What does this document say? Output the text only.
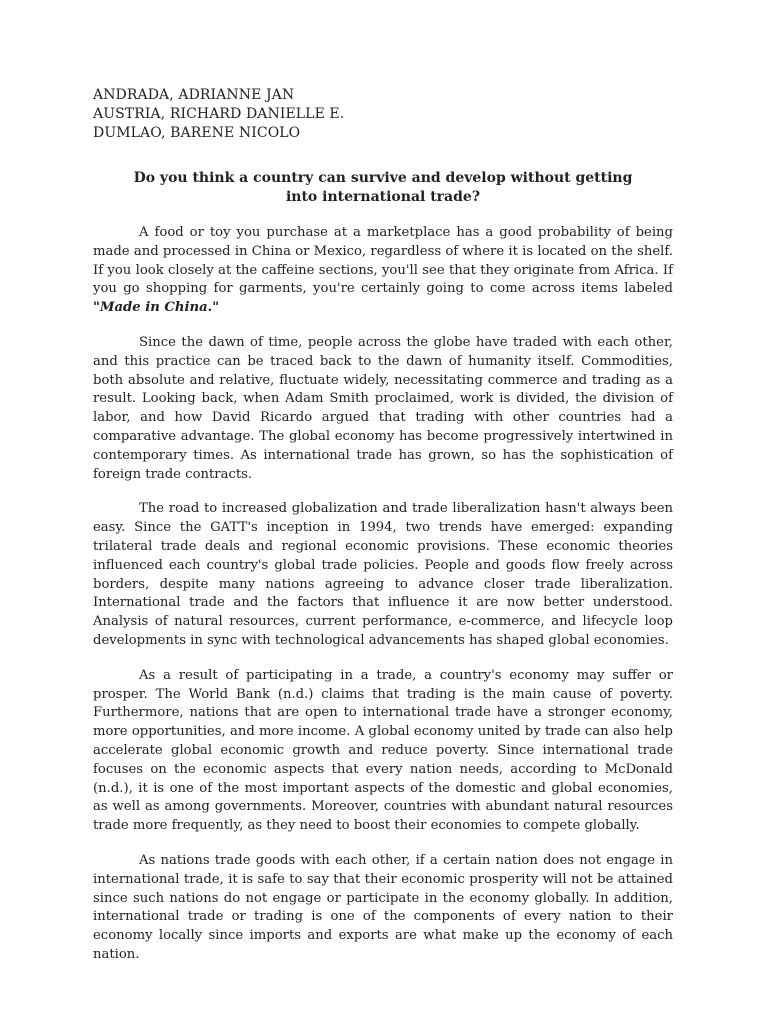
ANDRADA, ADRIANNE JAN
AUSTRIA, RICHARD DANIELLE E.
DUMLAO, BARENE NICOLO
Do you think a country can survive and develop without getting into international trade?

A food or toy you purchase at a marketplace has a good probability of being made and processed in China or Mexico, regardless of where it is located on the shelf. If you look closely at the caffeine sections, you'll see that they originate from Africa. If you go shopping for garments, you're certainly going to come across items labeled "Made in China."

Since the dawn of time, people across the globe have traded with each other, and this practice can be traced back to the dawn of humanity itself. Commodities, both absolute and relative, fluctuate widely, necessitating commerce and trading as a result. Looking back, when Adam Smith proclaimed, work is divided, the division of labor, and how David Ricardo argued that trading with other countries had a comparative advantage. The global economy has become progressively intertwined in contemporary times. As international trade has grown, so has the sophistication of foreign trade contracts.

The road to increased globalization and trade liberalization hasn't always been easy. Since the GATT's inception in 1994, two trends have emerged: expanding trilateral trade deals and regional economic provisions. These economic theories influenced each country's global trade policies. People and goods flow freely across borders, despite many nations agreeing to advance closer trade liberalization. International trade and the factors that influence it are now better understood. Analysis of natural resources, current performance, e-commerce, and lifecycle loop developments in sync with technological advancements has shaped global economies.

As a result of participating in a trade, a country's economy may suffer or prosper. The World Bank (n.d.) claims that trading is the main cause of poverty. Furthermore, nations that are open to international trade have a stronger economy, more opportunities, and more income. A global economy united by trade can also help accelerate global economic growth and reduce poverty. Since international trade focuses on the economic aspects that every nation needs, according to McDonald (n.d.), it is one of the most important aspects of the domestic and global economies, as well as among governments. Moreover, countries with abundant natural resources trade more frequently, as they need to boost their economies to compete globally.

As nations trade goods with each other, if a certain nation does not engage in international trade, it is safe to say that their economic prosperity will not be attained since such nations do not engage or participate in the economy globally. In addition, international trade or trading is one of the components of every nation to their economy locally since imports and exports are what make up the economy of each nation.
